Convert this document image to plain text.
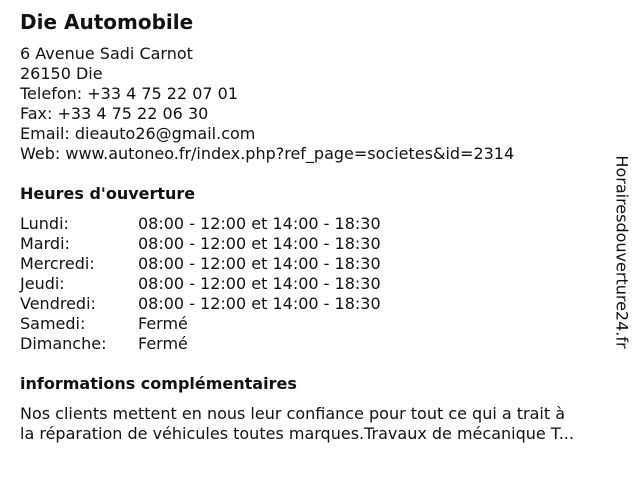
Die Automobile
6 Avenue Sadi Carnot
26150 Die
Telefon: +33 4 75 22 07 01
Fax: +33 4 75 22 06 30
Email: dieauto26@gmail.com
Web: www.autoneo.fr/index.php?ref_page=societes&id=2314
Heures d'ouverture
Lundi:	08:00 - 12:00 et 14:00 - 18:30
Mardi:	08:00 - 12:00 et 14:00 - 18:30
Mercredi:	08:00 - 12:00 et 14:00 - 18:30
Jeudi:	08:00 - 12:00 et 14:00 - 18:30
Vendredi:	08:00 - 12:00 et 14:00 - 18:30
Samedi:	Fermé
Dimanche: Fermé
informations complémentaires
Nos clients mettent en nous leur confiance pour tout ce qui a trait à
la réparation de véhicules toutes marques.Travaux de mécanique T...
Horairesdouverture24.fr
